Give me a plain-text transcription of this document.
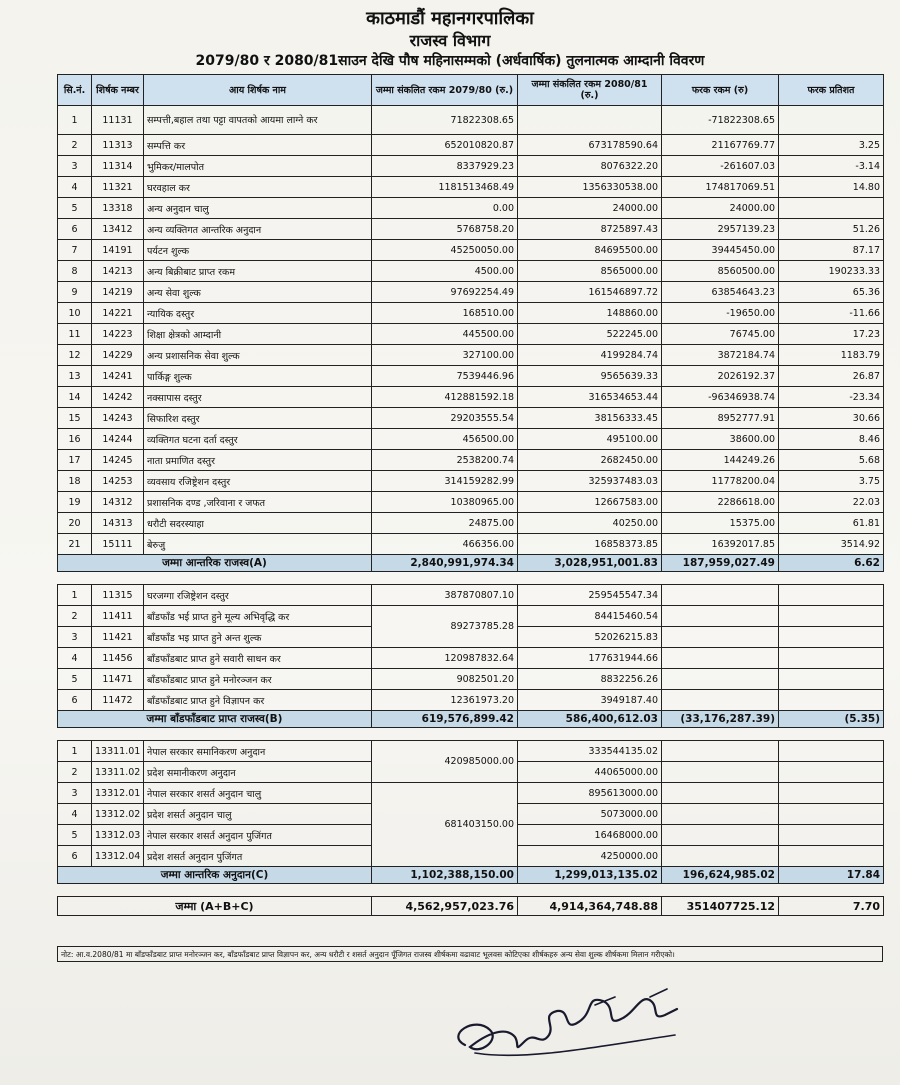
काठमाडौं महानगरपालिका
राजस्व विभाग
2079/80 र 2080/81साउन देखि पौष महिनासम्मको (अर्धवार्षिक) तुलनात्मक आम्दानी विवरण
सि.नं.	शिर्षक नम्बर	आय शिर्षक नाम	जम्मा संकलित रकम 2079/80 (रु.)	जम्मा संकलित रकम 2080/81 (रु.)	फरक रकम (रु)	फरक प्रतिशत
1	11131	सम्पत्ती,बहाल तथा पट्टा वापतको आयमा लाग्ने कर	71822308.65		-71822308.65	
2	11313	सम्पत्ति कर	652010820.87	673178590.64	21167769.77	3.25
3	11314	भुमिकर/मालपोत	8337929.23	8076322.20	-261607.03	-3.14
4	11321	घरवहाल कर	1181513468.49	1356330538.00	174817069.51	14.80
5	13318	अन्य अनुदान चालु	0.00	24000.00	24000.00	
6	13412	अन्य व्यक्तिगत आन्तरिक अनुदान	5768758.20	8725897.43	2957139.23	51.26
7	14191	पर्यटन शुल्क	45250050.00	84695500.00	39445450.00	87.17
8	14213	अन्य बिक्रीबाट प्राप्त रकम	4500.00	8565000.00	8560500.00	190233.33
9	14219	अन्य सेवा शुल्क	97692254.49	161546897.72	63854643.23	65.36
10	14221	न्यायिक दस्तुर	168510.00	148860.00	-19650.00	-11.66
11	14223	शिक्षा क्षेत्रको आम्दानी	445500.00	522245.00	76745.00	17.23
12	14229	अन्य प्रशासनिक सेवा शुल्क	327100.00	4199284.74	3872184.74	1183.79
13	14241	पार्किङ्ग शुल्क	7539446.96	9565639.33	2026192.37	26.87
14	14242	नक्सापास दस्तुर	412881592.18	316534653.44	-96346938.74	-23.34
15	14243	सिफारिश दस्तुर	29203555.54	38156333.45	8952777.91	30.66
16	14244	व्यक्तिगत घटना दर्ता दस्तुर	456500.00	495100.00	38600.00	8.46
17	14245	नाता प्रमाणित दस्तुर	2538200.74	2682450.00	144249.26	5.68
18	14253	व्यवसाय रजिष्ट्रेशन दस्तुर	314159282.99	325937483.03	11778200.04	3.75
19	14312	प्रशासनिक दण्ड ,जरिवाना र जफत	10380965.00	12667583.00	2286618.00	22.03
20	14313	धरौटी सदरस्याहा	24875.00	40250.00	15375.00	61.81
21	15111	बेरुजु	466356.00	16858373.85	16392017.85	3514.92
जम्मा आन्तरिक राजस्व(A)			2,840,991,974.34	3,028,951,001.83	187,959,027.49	6.62

1	11315	घरजग्गा रजिष्ट्रेशन दस्तुर	387870807.10	259545547.34		
2	11411	बाँडफाँड भई प्राप्त हुने मूल्य अभिवृद्धि कर	89273785.28	84415460.54		
3	11421	बाँडफाँड भइ प्राप्त हुने अन्त शुल्क		52026215.83		
4	11456	बाँडफाँडबाट प्राप्त हुने सवारी साधन कर	120987832.64	177631944.66		
5	11471	बाँडफाँडबाट प्राप्त हुने मनोरञ्जन कर	9082501.20	8832256.26		
6	11472	बाँडफाँडबाट प्राप्त हुने विज्ञापन कर	12361973.20	3949187.40		
जम्मा बाँडफाँडबाट प्राप्त राजस्व(B)			619,576,899.42	586,400,612.03	(33,176,287.39)	(5.35)

1	13311.01	नेपाल सरकार समानिकरण अनुदान	420985000.00	333544135.02		
2	13311.02	प्रदेश समानीकरण अनुदान		44065000.00		
3	13312.01	नेपाल सरकार शसर्त अनुदान चालु	681403150.00	895613000.00		
4	13312.02	प्रदेश शसर्त अनुदान चालु		5073000.00		
5	13312.03	नेपाल सरकार शसर्त अनुदान पुजिंगत		16468000.00		
6	13312.04	प्रदेश शसर्त अनुदान पुजिंगत		4250000.00		
जम्मा आन्तरिक अनुदान(C)			1,102,388,150.00	1,299,013,135.02	196,624,985.02	17.84

जम्मा (A+B+C)			4,562,957,023.76	4,914,364,748.88	351407725.12	7.70
नोट: आ.व.2080/81 मा बाँडफाँडबाट प्राप्त मनोरञ्जन कर, बाँडफाँडबाट प्राप्त विज्ञापन कर, अन्य धरौटी र शसर्त अनुदान पूँजिगत राजस्व शीर्षकमा वढावाट भूलवस कोटिएका शीर्षकहरु अन्य सेवा शुल्क शीर्षकमा मिलान गरीएको।
